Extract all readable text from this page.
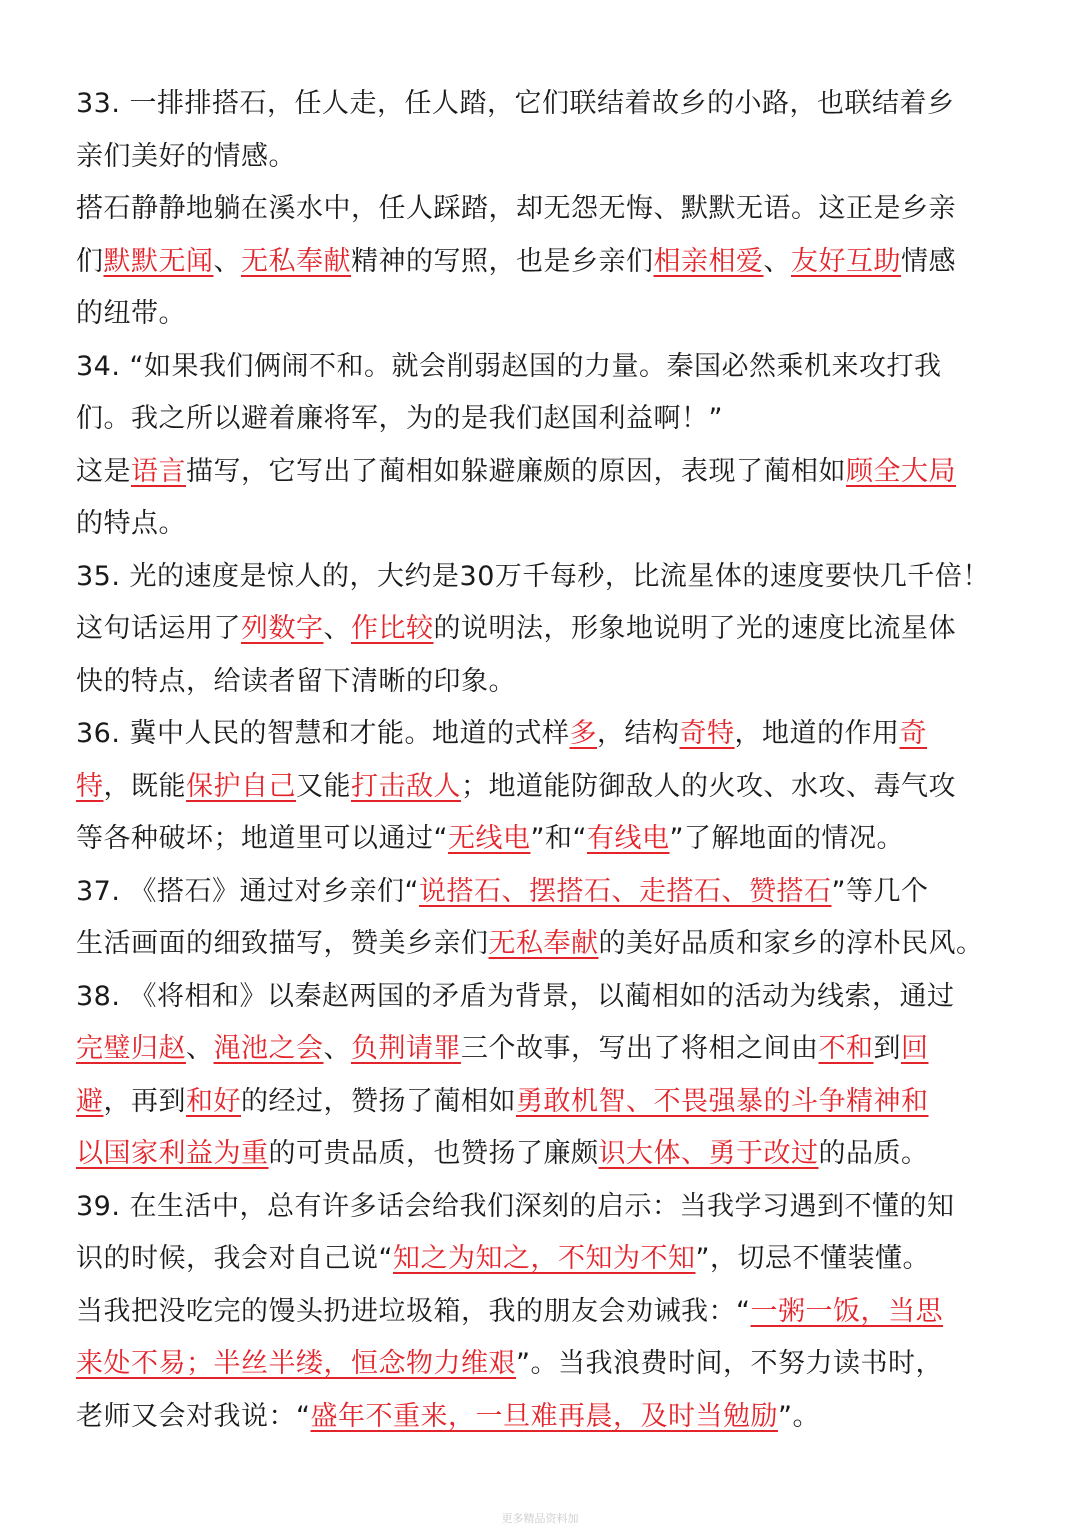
33. 一排排搭石，任人走，任人踏，它们联结着故乡的小路，也联结着乡
亲们美好的情感。
搭石静静地躺在溪水中，任人踩踏，却无怨无悔、默默无语。这正是乡亲
们默默无闻、无私奉献精神的写照，也是乡亲们相亲相爱、友好互助情感
的纽带。
34. “如果我们俩闹不和。就会削弱赵国的力量。秦国必然乘机来攻打我
们。我之所以避着廉将军，为的是我们赵国利益啊！”
这是语言描写，它写出了蔺相如躲避廉颇的原因，表现了蔺相如顾全大局
的特点。
35. 光的速度是惊人的，大约是30万千每秒，比流星体的速度要快几千倍！
这句话运用了列数字、作比较的说明法，形象地说明了光的速度比流星体
快的特点，给读者留下清晰的印象。
36. 冀中人民的智慧和才能。地道的式样多，结构奇特，地道的作用奇
特，既能保护自己又能打击敌人；地道能防御敌人的火攻、水攻、毒气攻
等各种破坏；地道里可以通过“无线电”和“有线电”了解地面的情况。
37. 《搭石》通过对乡亲们“说搭石、摆搭石、走搭石、赞搭石”等几个
生活画面的细致描写，赞美乡亲们无私奉献的美好品质和家乡的淳朴民风。
38. 《将相和》以秦赵两国的矛盾为背景，以蔺相如的活动为线索，通过
完璧归赵、渑池之会、负荆请罪三个故事，写出了将相之间由不和到回
避，再到和好的经过，赞扬了蔺相如勇敢机智、不畏强暴的斗争精神和
以国家利益为重的可贵品质，也赞扬了廉颇识大体、勇于改过的品质。
39. 在生活中，总有许多话会给我们深刻的启示：当我学习遇到不懂的知
识的时候，我会对自己说“知之为知之，不知为不知”，切忌不懂装懂。
当我把没吃完的馒头扔进垃圾箱，我的朋友会劝诫我：“一粥一饭，当思
来处不易；半丝半缕，恒念物力维艰”。当我浪费时间，不努力读书时，
老师又会对我说：“盛年不重来，一旦难再晨，及时当勉励”。
更多精品资料加
